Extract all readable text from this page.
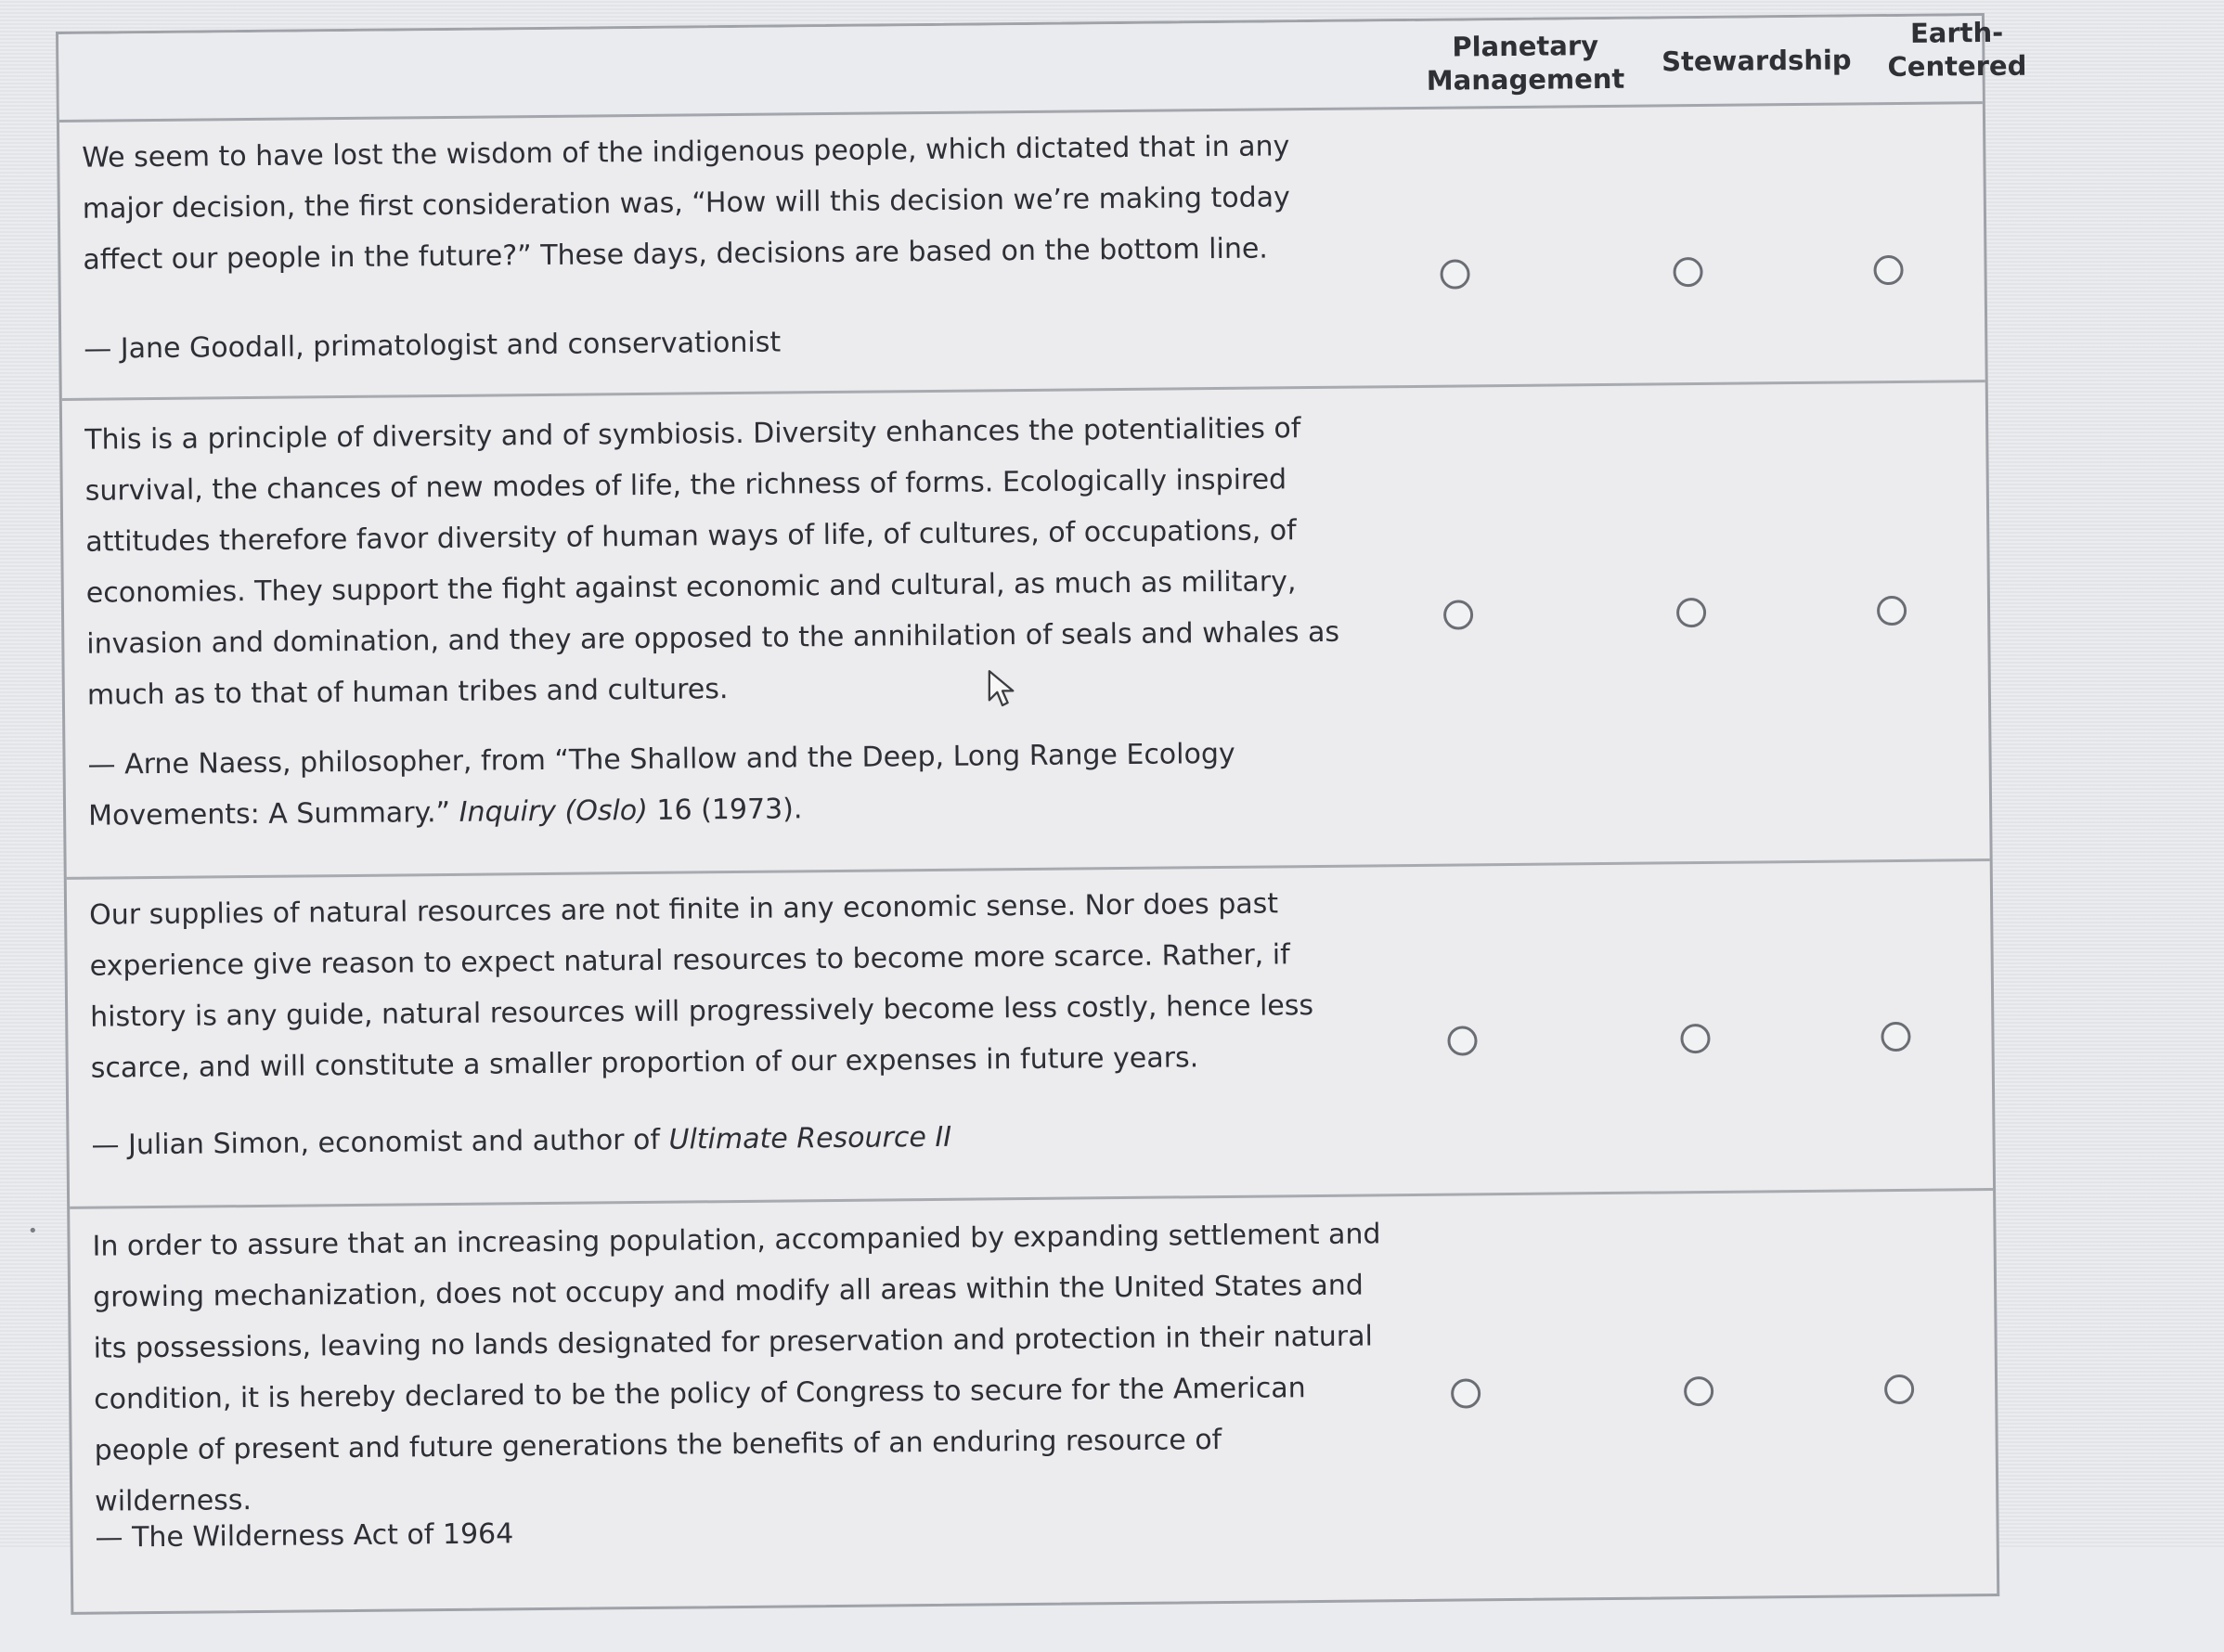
Planetary
Management
Stewardship
Earth-
Centered
We seem to have lost the wisdom of the indigenous people, which dictated that in any major decision, the first consideration was, “How will this decision we’re making today affect our people in the future?” These days, decisions are based on the bottom line.
— Jane Goodall, primatologist and conservationist
This is a principle of diversity and of symbiosis. Diversity enhances the potentialities of survival, the chances of new modes of life, the richness of forms. Ecologically inspired attitudes therefore favor diversity of human ways of life, of cultures, of occupations, of economies. They support the fight against economic and cultural, as much as military, invasion and domination, and they are opposed to the annihilation of seals and whales as much as to that of human tribes and cultures.
— Arne Naess, philosopher, from “The Shallow and the Deep, Long Range Ecology Movements: A Summary.” Inquiry (Oslo) 16 (1973).
Our supplies of natural resources are not finite in any economic sense. Nor does past experience give reason to expect natural resources to become more scarce. Rather, if history is any guide, natural resources will progressively become less costly, hence less scarce, and will constitute a smaller proportion of our expenses in future years.
— Julian Simon, economist and author of Ultimate Resource II
In order to assure that an increasing population, accompanied by expanding settlement and growing mechanization, does not occupy and modify all areas within the United States and its possessions, leaving no lands designated for preservation and protection in their natural condition, it is hereby declared to be the policy of Congress to secure for the American people of present and future generations the benefits of an enduring resource of wilderness.
— The Wilderness Act of 1964
•
